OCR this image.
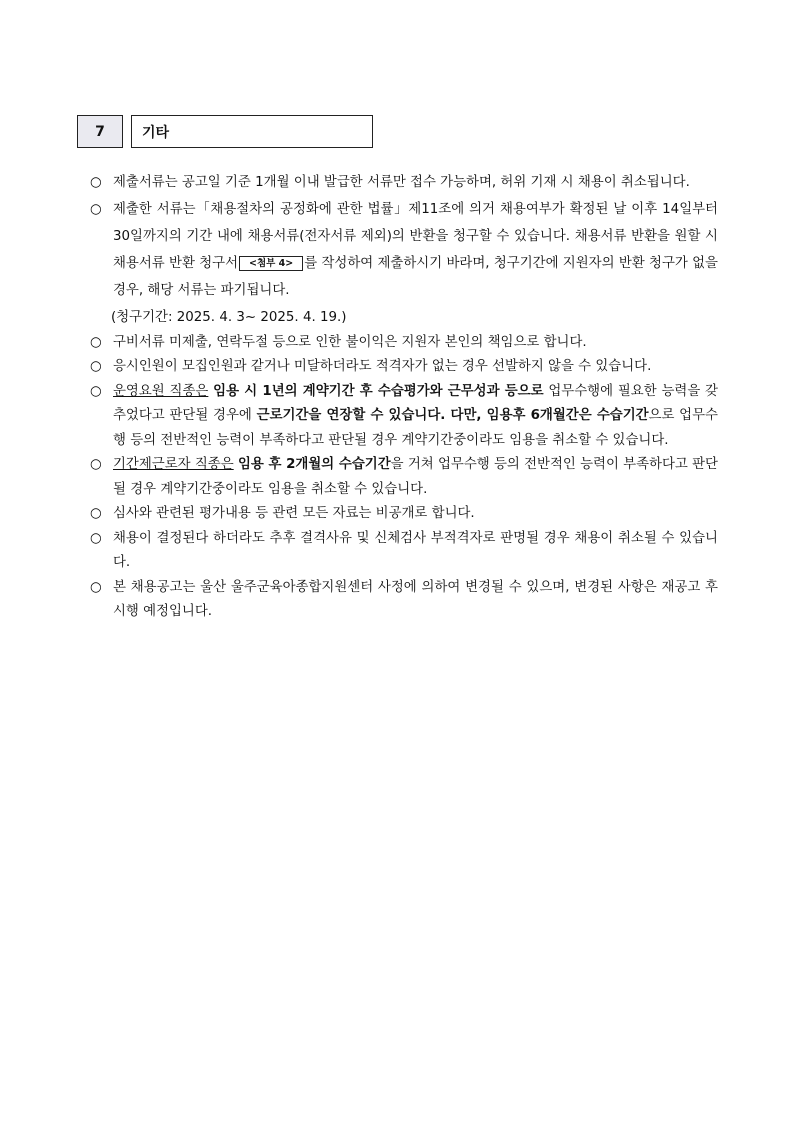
7	기타
○ 제출서류는 공고일 기준 1개월 이내 발급한 서류만 접수 가능하며, 허위 기재 시 채용이 취소됩니다.
○ 제출한 서류는「채용절차의 공정화에 관한 법률」제11조에 의거 채용여부가 확정된 날 이후 14일부터 30일까지의 기간 내에 채용서류(전자서류 제외)의 반환을 청구할 수 있습니다. 채용서류 반환을 원할 시 채용서류 반환 청구서 <첨부 4> 를 작성하여 제출하시기 바라며, 청구기간에 지원자의 반환 청구가 없을 경우, 해당 서류는 파기됩니다.
(청구기간: 2025. 4. 3~ 2025. 4. 19.)
○ 구비서류 미제출, 연락두절 등으로 인한 불이익은 지원자 본인의 책임으로 합니다.
○ 응시인원이 모집인원과 같거나 미달하더라도 적격자가 없는 경우 선발하지 않을 수 있습니다.
○ 운영요원 직종은 임용 시 1년의 계약기간 후 수습평가와 근무성과 등으로 업무수행에 필요한 능력을 갖추었다고 판단될 경우에 근로기간을 연장할 수 있습니다. 다만, 임용후 6개월간은 수습기간으로 업무수행 등의 전반적인 능력이 부족하다고 판단될 경우 계약기간중이라도 임용을 취소할 수 있습니다.
○ 기간제근로자 직종은 임용 후 2개월의 수습기간을 거쳐 업무수행 등의 전반적인 능력이 부족하다고 판단될 경우 계약기간중이라도 임용을 취소할 수 있습니다.
○ 심사와 관련된 평가내용 등 관련 모든 자료는 비공개로 합니다.
○ 채용이 결정된다 하더라도 추후 결격사유 및 신체검사 부적격자로 판명될 경우 채용이 취소될 수 있습니다.
○ 본 채용공고는 울산 울주군육아종합지원센터 사정에 의하여 변경될 수 있으며, 변경된 사항은 재공고 후 시행 예정입니다.
